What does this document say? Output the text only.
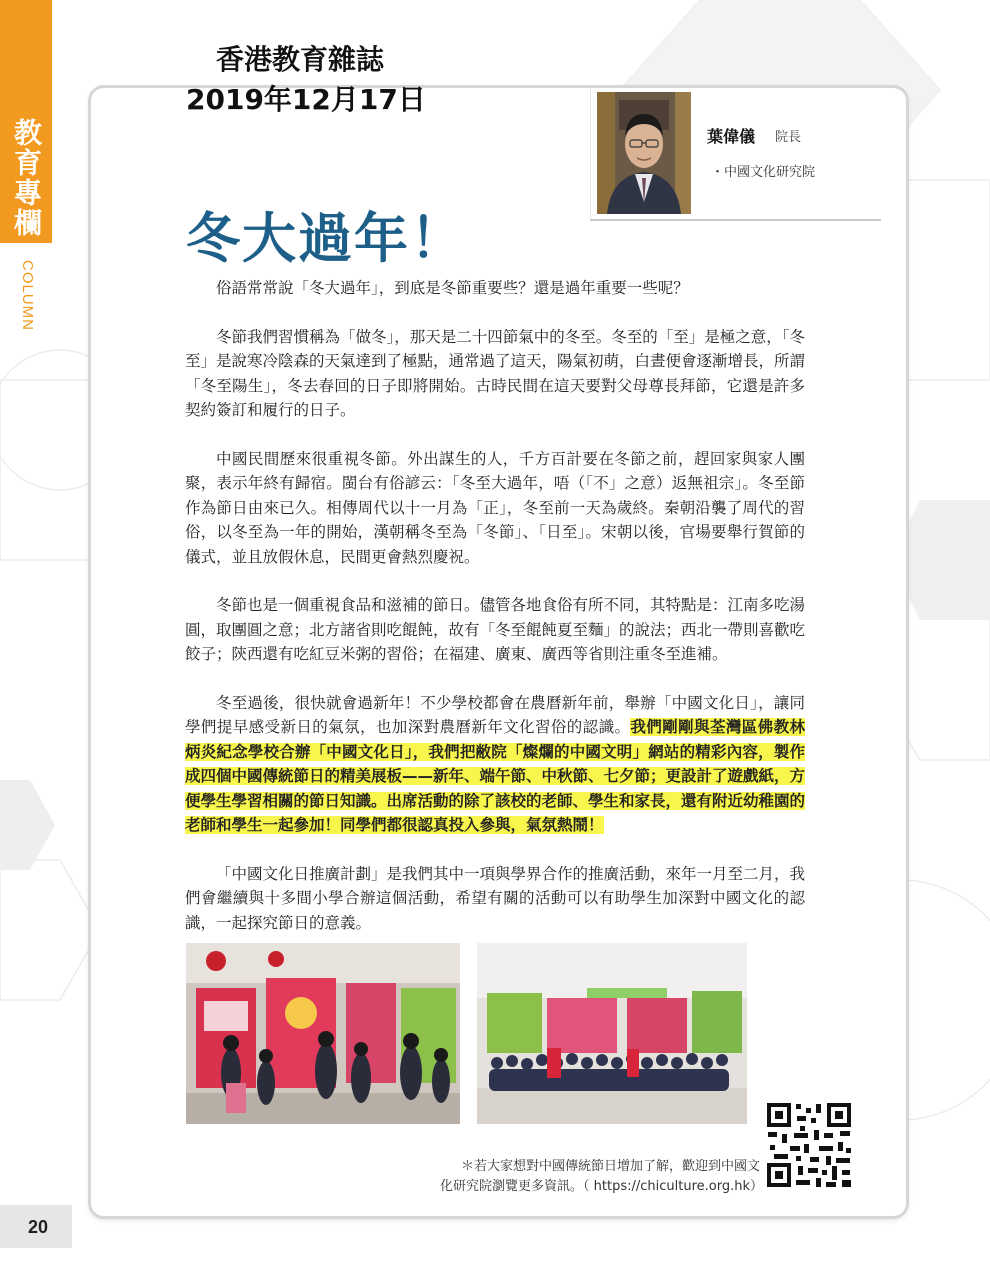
教育專欄
COLUMN
香港教育雜誌
2019年12月17日
葉偉儀 院長
・中國文化研究院
冬大過年！

俗語常常說「冬大過年」，到底是冬節重要些？還是過年重要一些呢？

冬節我們習慣稱為「做冬」，那天是二十四節氣中的冬至。冬至的「至」是極之意，「冬至」是說寒冷陰森的天氣達到了極點，通常過了這天，陽氣初萌，白晝便會逐漸增長，所謂「冬至陽生」，冬去春回的日子即將開始。古時民間在這天要對父母尊長拜節，它還是許多契約簽訂和履行的日子。

中國民間歷來很重視冬節。外出謀生的人，千方百計要在冬節之前，趕回家與家人團聚，表示年終有歸宿。閩台有俗諺云：「冬至大過年，唔（「不」之意）返無祖宗」。冬至節作為節日由來已久。相傳周代以十一月為「正」，冬至前一天為歲終。秦朝沿襲了周代的習俗，以冬至為一年的開始，漢朝稱冬至為「冬節」、「日至」。宋朝以後，官場要舉行賀節的儀式，並且放假休息，民間更會熱烈慶祝。

冬節也是一個重視食品和滋補的節日。儘管各地食俗有所不同，其特點是：江南多吃湯圓，取團圓之意；北方諸省則吃餛飩，故有「冬至餛飩夏至麵」的說法；西北一帶則喜歡吃餃子；陝西還有吃紅豆米粥的習俗；在福建、廣東、廣西等省則注重冬至進補。

冬至過後，很快就會過新年！不少學校都會在農曆新年前，舉辦「中國文化日」，讓同學們提早感受新日的氣氛，也加深對農曆新年文化習俗的認識。我們剛剛與荃灣區佛教林炳炎紀念學校合辦「中國文化日」，我們把敝院「燦爛的中國文明」網站的精彩內容，製作成四個中國傳統節日的精美展板——新年、端午節、中秋節、七夕節；更設計了遊戲紙，方便學生學習相關的節日知識。出席活動的除了該校的老師、學生和家長，還有附近幼稚園的老師和學生一起參加！同學們都很認真投入參與，氣氛熱鬧！

「中國文化日推廣計劃」是我們其中一項與學界合作的推廣活動，來年一月至二月，我們會繼續與十多間小學合辦這個活動，希望有關的活動可以有助學生加深對中國文化的認識，一起探究節日的意義。

＊若大家想對中國傳統節日增加了解，歡迎到中國文
化研究院瀏覽更多資訊。（ https://chiculture.org.hk）
20
